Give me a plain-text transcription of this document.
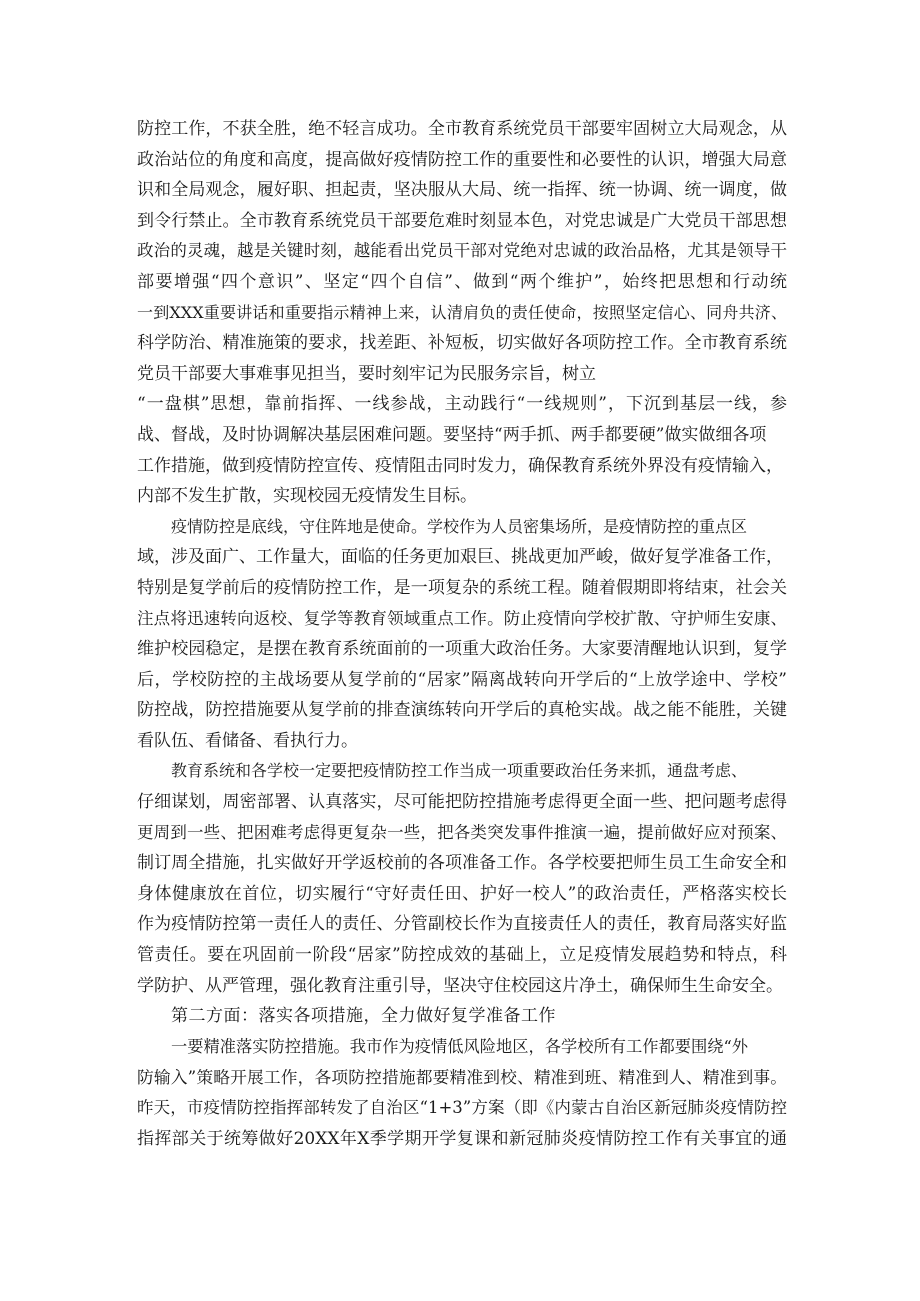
防控工作，不获全胜，绝不轻言成功。全市教育系统党员干部要牢固树立大局观念，从
政治站位的角度和高度，提高做好疫情防控工作的重要性和必要性的认识，增强大局意
识和全局观念，履好职、担起责，坚决服从大局、统一指挥、统一协调、统一调度，做
到令行禁止。全市教育系统党员干部要危难时刻显本色，对党忠诚是广大党员干部思想
政治的灵魂，越是关键时刻，越能看出党员干部对党绝对忠诚的政治品格，尤其是领导干
部要增强“四个意识”、坚定“四个自信”、做到“两个维护”，始终把思想和行动统
一到XXX重要讲话和重要指示精神上来，认清肩负的责任使命，按照坚定信心、同舟共济、
科学防治、精准施策的要求，找差距、补短板，切实做好各项防控工作。全市教育系统
党员干部要大事难事见担当，要时刻牢记为民服务宗旨，树立
“一盘棋”思想，靠前指挥、一线参战，主动践行“一线规则”，下沉到基层一线，参
战、督战，及时协调解决基层困难问题。要坚持“两手抓、两手都要硬”做实做细各项
工作措施，做到疫情防控宣传、疫情阻击同时发力，确保教育系统外界没有疫情输入，
内部不发生扩散，实现校园无疫情发生目标。
疫情防控是底线，守住阵地是使命。学校作为人员密集场所，是疫情防控的重点区
域，涉及面广、工作量大，面临的任务更加艰巨、挑战更加严峻，做好复学准备工作，
特别是复学前后的疫情防控工作，是一项复杂的系统工程。随着假期即将结束，社会关
注点将迅速转向返校、复学等教育领域重点工作。防止疫情向学校扩散、守护师生安康、
维护校园稳定，是摆在教育系统面前的一项重大政治任务。大家要清醒地认识到，复学
后，学校防控的主战场要从复学前的“居家”隔离战转向开学后的“上放学途中、学校”
防控战，防控措施要从复学前的排查演练转向开学后的真枪实战。战之能不能胜，关键
看队伍、看储备、看执行力。
教育系统和各学校一定要把疫情防控工作当成一项重要政治任务来抓，通盘考虑、
仔细谋划，周密部署、认真落实，尽可能把防控措施考虑得更全面一些、把问题考虑得
更周到一些、把困难考虑得更复杂一些，把各类突发事件推演一遍，提前做好应对预案、
制订周全措施，扎实做好开学返校前的各项准备工作。各学校要把师生员工生命安全和
身体健康放在首位，切实履行“守好责任田、护好一校人”的政治责任，严格落实校长
作为疫情防控第一责任人的责任、分管副校长作为直接责任人的责任，教育局落实好监
管责任。要在巩固前一阶段“居家”防控成效的基础上，立足疫情发展趋势和特点，科
学防护、从严管理，强化教育注重引导，坚决守住校园这片净土，确保师生生命安全。
第二方面：落实各项措施，全力做好复学准备工作
一要精准落实防控措施。我市作为疫情低风险地区，各学校所有工作都要围绕“外
防输入”策略开展工作，各项防控措施都要精准到校、精准到班、精准到人、精准到事。
昨天，市疫情防控指挥部转发了自治区“1+3”方案（即《内蒙古自治区新冠肺炎疫情防控
指挥部关于统筹做好20XX年X季学期开学复课和新冠肺炎疫情防控工作有关事宜的通
